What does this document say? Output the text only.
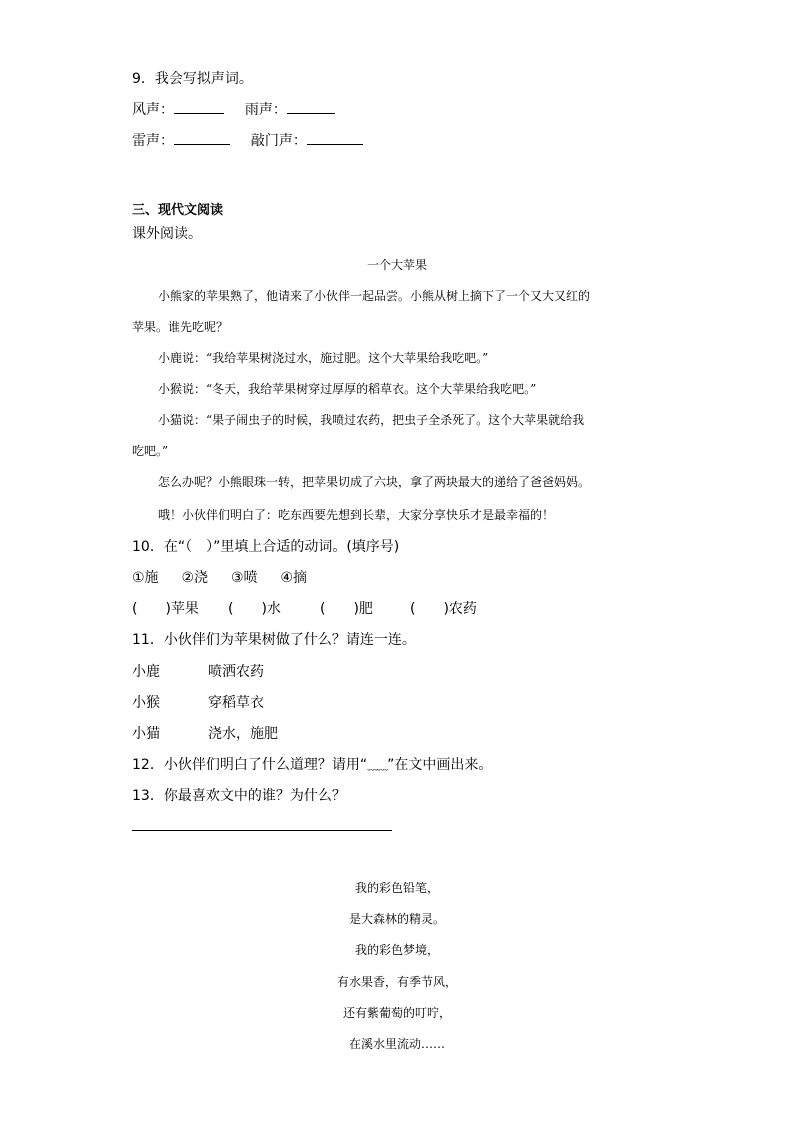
9．我会写拟声词。
风声：	雨声：
雷声：	敲门声：
三、现代文阅读
课外阅读。
一个大苹果
小熊家的苹果熟了，他请来了小伙伴一起品尝。小熊从树上摘下了一个又大又红的
苹果。谁先吃呢？
小鹿说：“我给苹果树浇过水，施过肥。这个大苹果给我吃吧。”
小猴说：“冬天，我给苹果树穿过厚厚的稻草衣。这个大苹果给我吃吧。”
小猫说：“果子闹虫子的时候，我喷过农药，把虫子全杀死了。这个大苹果就给我
吃吧。”
怎么办呢？小熊眼珠一转，把苹果切成了六块，拿了两块最大的递给了爸爸妈妈。
哦！小伙伴们明白了：吃东西要先想到长辈，大家分享快乐才是最幸福的！
10．在“（　）”里填上合适的动词。(填序号)
①施 ②浇 ③喷 ④摘
(　　)苹果 (　　)水	(　　)肥	(　　)农药
11．小伙伴们为苹果树做了什么？请连一连。
小鹿	喷洒农药
小猴	穿稻草衣
小猫	浇水，施肥
12．小伙伴们明白了什么道理？请用“﹏﹏”在文中画出来。
13．你最喜欢文中的谁？为什么？
我的彩色铅笔，
是大森林的精灵。
我的彩色梦境，
有水果香，有季节风，
还有紫葡萄的叮咛，
在溪水里流动……
